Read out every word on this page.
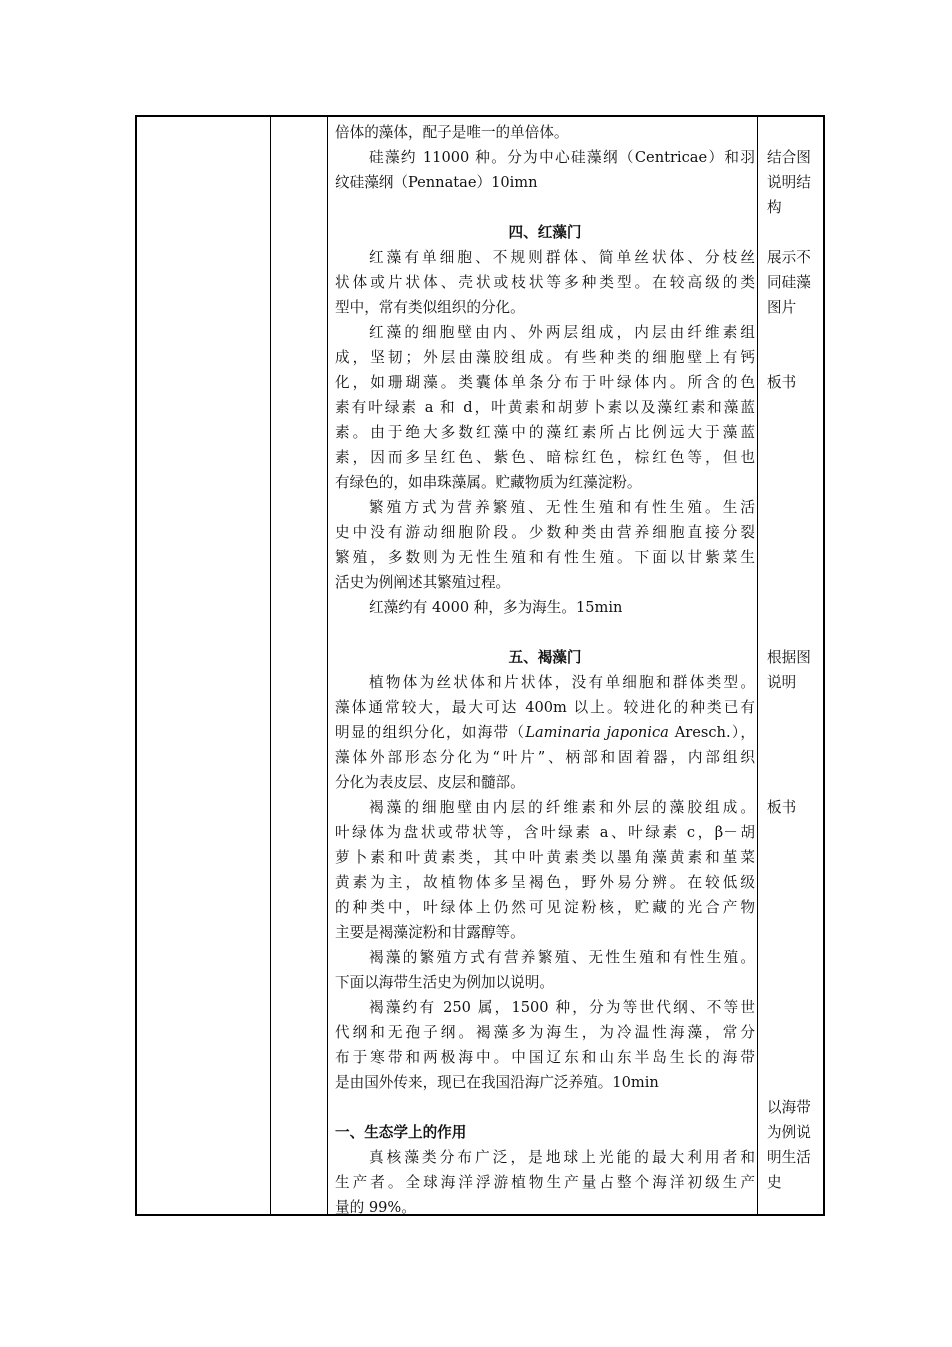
倍体的藻体，配子是唯一的单倍体。
硅藻约 11000 种。分为中心硅藻纲（Centricae）和羽
纹硅藻纲（Pennatae）10imn
四、红藻门
红藻有单细胞、不规则群体、简单丝状体、分枝丝
状体或片状体、壳状或枝状等多种类型。在较高级的类
型中，常有类似组织的分化。
红藻的细胞壁由内、外两层组成，内层由纤维素组
成，坚韧；外层由藻胶组成。有些种类的细胞壁上有钙
化，如珊瑚藻。类囊体单条分布于叶绿体内。所含的色
素有叶绿素 a 和 d，叶黄素和胡萝卜素以及藻红素和藻蓝
素。由于绝大多数红藻中的藻红素所占比例远大于藻蓝
素，因而多呈红色、紫色、暗棕红色，棕红色等，但也
有绿色的，如串珠藻属。贮藏物质为红藻淀粉。
繁殖方式为营养繁殖、无性生殖和有性生殖。生活
史中没有游动细胞阶段。少数种类由营养细胞直接分裂
繁殖，多数则为无性生殖和有性生殖。下面以甘紫菜生
活史为例阐述其繁殖过程。
红藻约有 4000 种，多为海生。15min
五、褐藻门
植物体为丝状体和片状体，没有单细胞和群体类型。
藻体通常较大，最大可达 400m 以上。较进化的种类已有
明显的组织分化，如海带（Laminaria japonica Aresch.），
藻体外部形态分化为“叶片”、柄部和固着器，内部组织
分化为表皮层、皮层和髓部。
褐藻的细胞壁由内层的纤维素和外层的藻胶组成。
叶绿体为盘状或带状等，含叶绿素 a、叶绿素 c，β－胡
萝卜素和叶黄素类，其中叶黄素类以墨角藻黄素和堇菜
黄素为主，故植物体多呈褐色，野外易分辨。在较低级
的种类中，叶绿体上仍然可见淀粉核，贮藏的光合产物
主要是褐藻淀粉和甘露醇等。
褐藻的繁殖方式有营养繁殖、无性生殖和有性生殖。
下面以海带生活史为例加以说明。
褐藻约有 250 属，1500 种，分为等世代纲、不等世
代纲和无孢子纲。褐藻多为海生，为冷温性海藻，常分
布于寒带和两极海中。中国辽东和山东半岛生长的海带
是由国外传来，现已在我国沿海广泛养殖。10min
一、生态学上的作用
真核藻类分布广泛，是地球上光能的最大利用者和
生产者。全球海洋浮游植物生产量占整个海洋初级生产
量的 99%。
结合图说明结构
展示不同硅藻图片
板书
根据图说明
板书
以海带为例说明生活史
